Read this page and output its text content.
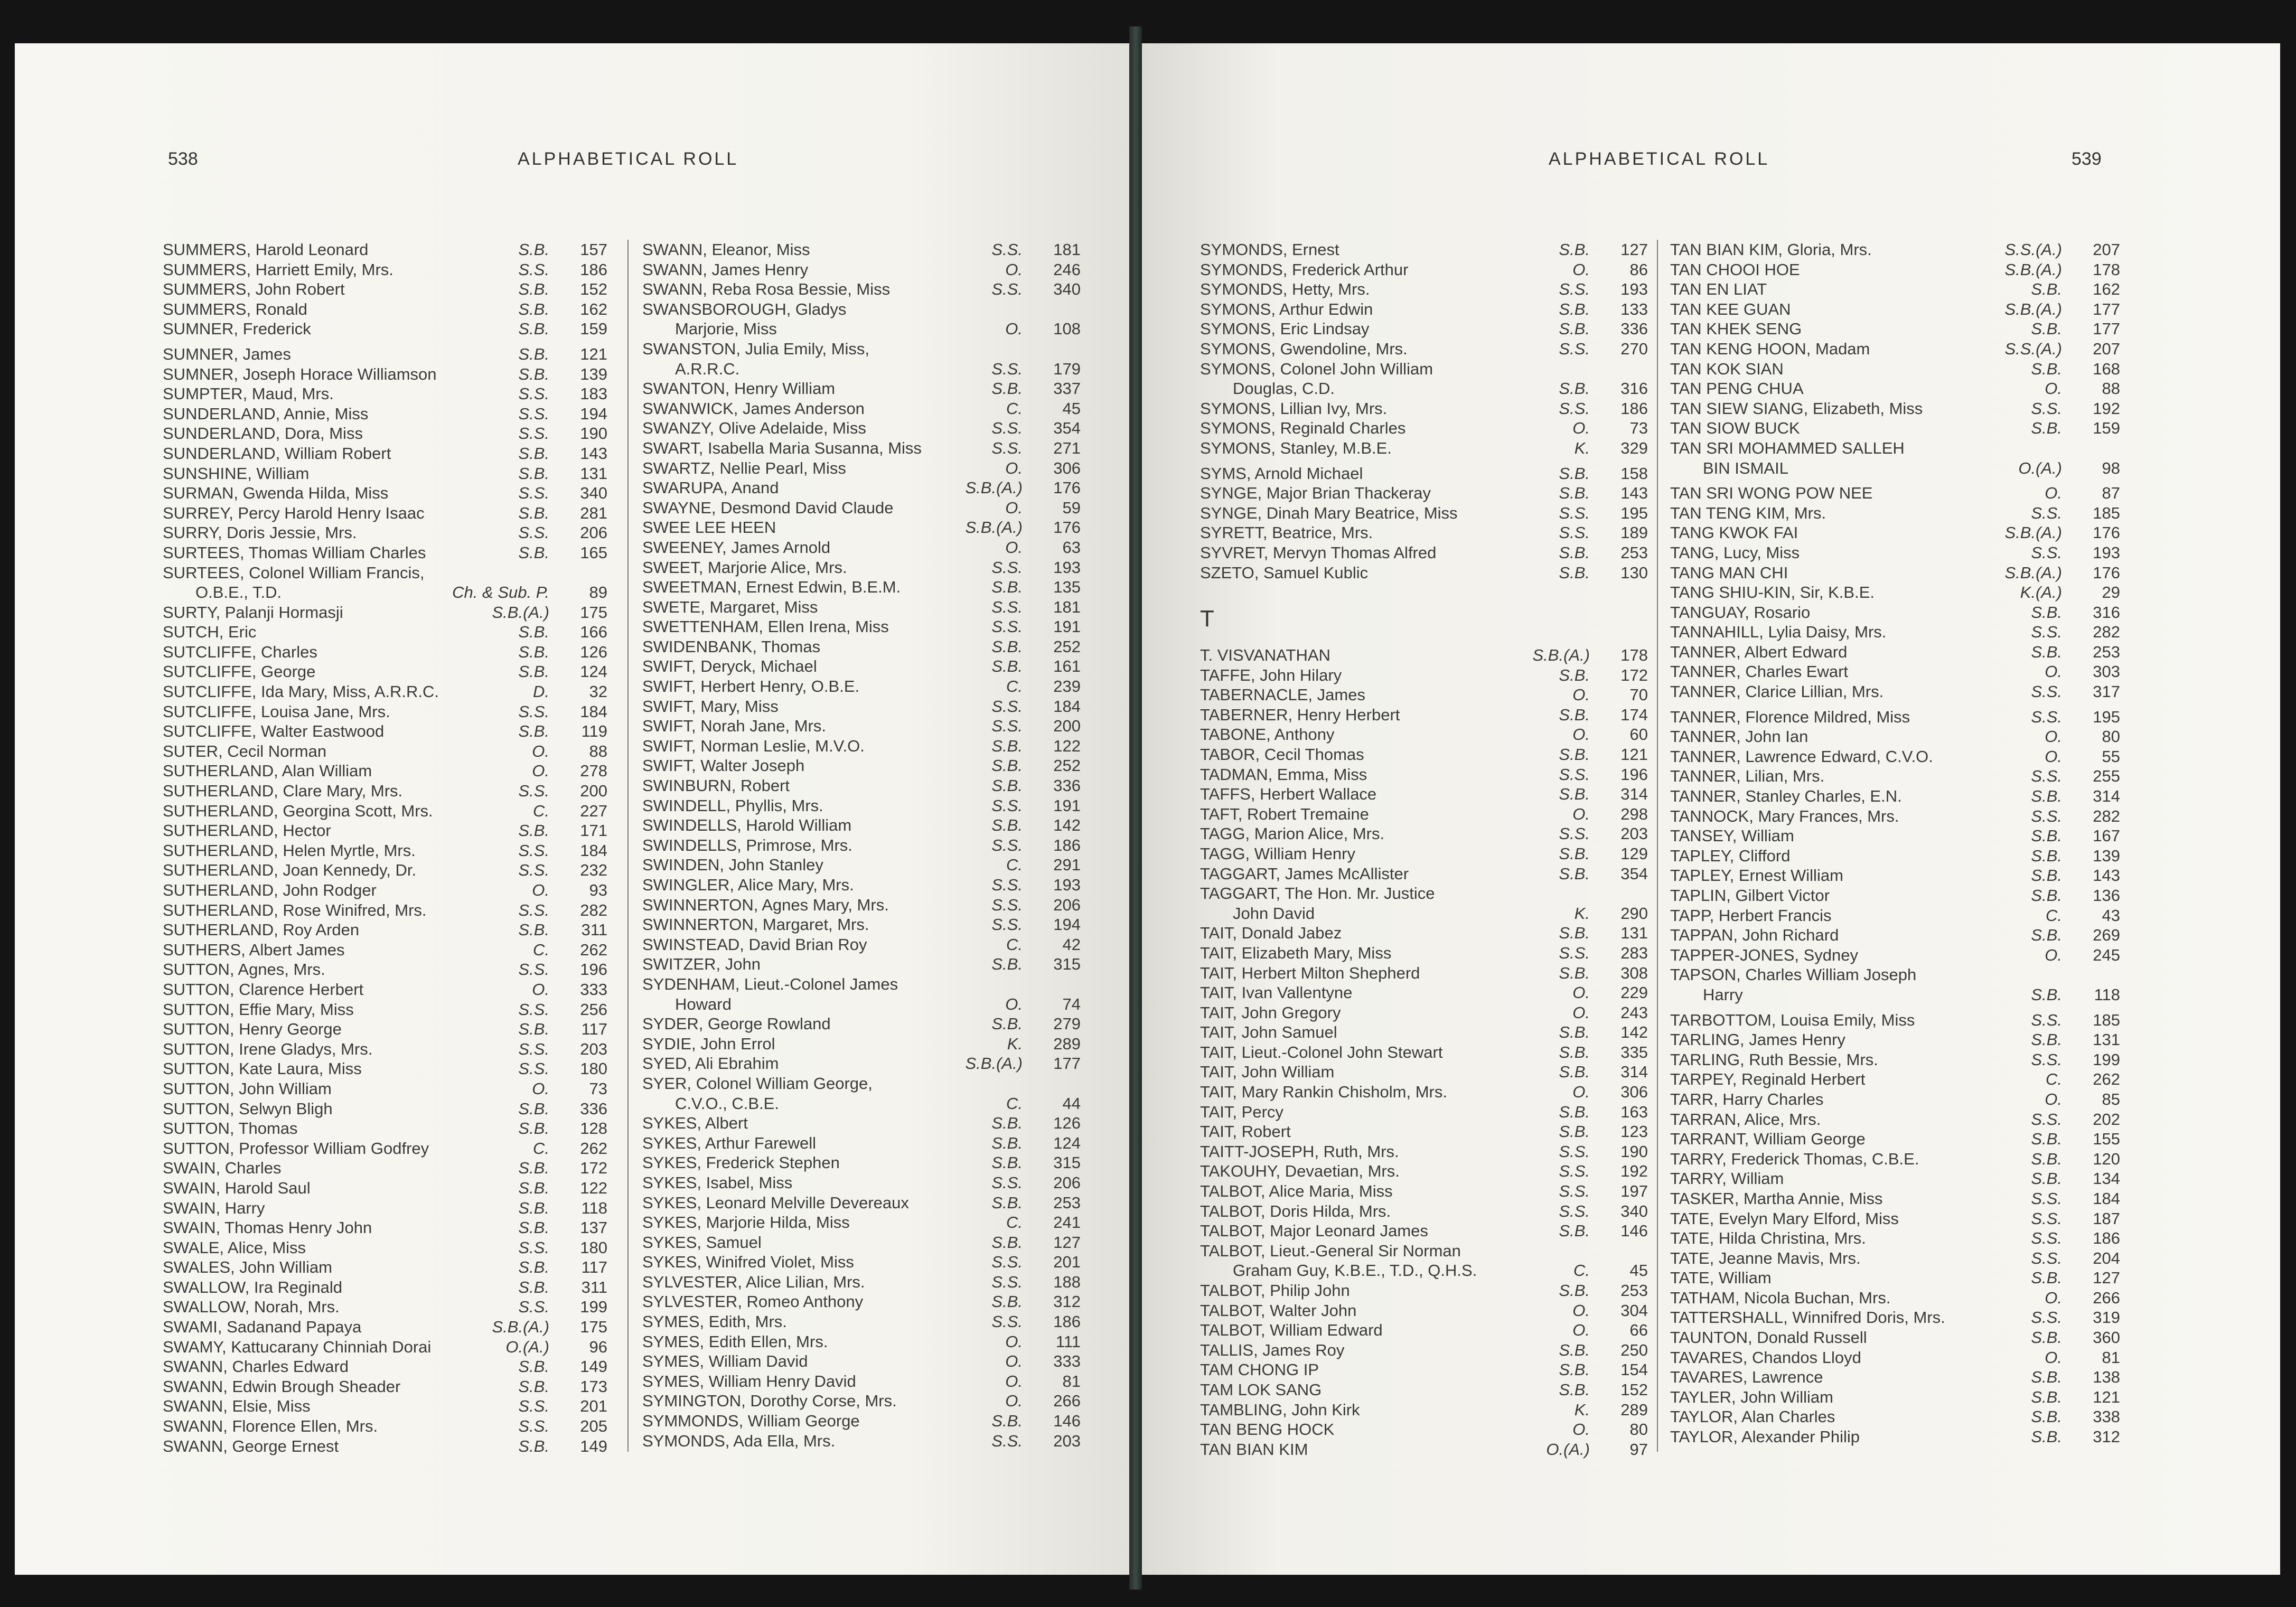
538	ALPHABETICAL ROLL
SUMMERS, Harold Leonard	S.B. 157
SUMMERS, Harriett Emily, Mrs.	S.S. 186
SUMMERS, John Robert	S.B. 152
SUMMERS, Ronald	S.B. 162
SUMNER, Frederick	S.B. 159
SUMNER, James	S.B. 121
SUMNER, Joseph Horace Williamson	S.B. 139
SUMPTER, Maud, Mrs.	S.S. 183
SUNDERLAND, Annie, Miss	S.S. 194
SUNDERLAND, Dora, Miss	S.S. 190
SUNDERLAND, William Robert	S.B. 143
SUNSHINE, William	S.B. 131
SURMAN, Gwenda Hilda, Miss	S.S. 340
SURREY, Percy Harold Henry Isaac	S.B. 281
SURRY, Doris Jessie, Mrs.	S.S. 206
SURTEES, Thomas William Charles	S.B. 165
SURTEES, Colonel William Francis,
O.B.E., T.D.	Ch. & Sub. P. 89
SURTY, Palanji Hormasji	S.B.(A.) 175
SUTCH, Eric	S.B. 166
SUTCLIFFE, Charles	S.B. 126
SUTCLIFFE, George	S.B. 124
SUTCLIFFE, Ida Mary, Miss, A.R.R.C.	D. 32
SUTCLIFFE, Louisa Jane, Mrs.	S.S. 184
SUTCLIFFE, Walter Eastwood	S.B. 119
SUTER, Cecil Norman	O. 88
SUTHERLAND, Alan William	O. 278
SUTHERLAND, Clare Mary, Mrs.	S.S. 200
SUTHERLAND, Georgina Scott, Mrs.	C. 227
SUTHERLAND, Hector	S.B. 171
SUTHERLAND, Helen Myrtle, Mrs.	S.S. 184
SUTHERLAND, Joan Kennedy, Dr.	S.S. 232
SUTHERLAND, John Rodger	O. 93
SUTHERLAND, Rose Winifred, Mrs.	S.S. 282
SUTHERLAND, Roy Arden	S.B. 311
SUTHERS, Albert James	C. 262
SUTTON, Agnes, Mrs.	S.S. 196
SUTTON, Clarence Herbert	O. 333
SUTTON, Effie Mary, Miss	S.S. 256
SUTTON, Henry George	S.B. 117
SUTTON, Irene Gladys, Mrs.	S.S. 203
SUTTON, Kate Laura, Miss	S.S. 180
SUTTON, John William	O. 73
SUTTON, Selwyn Bligh	S.B. 336
SUTTON, Thomas	S.B. 128
SUTTON, Professor William Godfrey	C. 262
SWAIN, Charles	S.B. 172
SWAIN, Harold Saul	S.B. 122
SWAIN, Harry	S.B. 118
SWAIN, Thomas Henry John	S.B. 137
SWALE, Alice, Miss	S.S. 180
SWALES, John William	S.B. 117
SWALLOW, Ira Reginald	S.B. 311
SWALLOW, Norah, Mrs.	S.S. 199
SWAMI, Sadanand Papaya	S.B.(A.) 175
SWAMY, Kattucarany Chinniah Dorai	O.(A.) 96
SWANN, Charles Edward	S.B. 149
SWANN, Edwin Brough Sheader	S.B. 173
SWANN, Elsie, Miss	S.S. 201
SWANN, Florence Ellen, Mrs.	S.S. 205
SWANN, George Ernest	S.B. 149
SWANN, Eleanor, Miss	S.S. 181
SWANN, James Henry	O. 246
SWANN, Reba Rosa Bessie, Miss	S.S. 340
SWANSBOROUGH, Gladys
Marjorie, Miss	O. 108
SWANSTON, Julia Emily, Miss,
A.R.R.C.	S.S. 179
SWANTON, Henry William	S.B. 337
SWANWICK, James Anderson	C. 45
SWANZY, Olive Adelaide, Miss	S.S. 354
SWART, Isabella Maria Susanna, Miss	S.S. 271
SWARTZ, Nellie Pearl, Miss	O. 306
SWARUPA, Anand	S.B.(A.) 176
SWAYNE, Desmond David Claude	O. 59
SWEE LEE HEEN	S.B.(A.) 176
SWEENEY, James Arnold	O. 63
SWEET, Marjorie Alice, Mrs.	S.S. 193
SWEETMAN, Ernest Edwin, B.E.M.	S.B. 135
SWETE, Margaret, Miss	S.S. 181
SWETTENHAM, Ellen Irena, Miss	S.S. 191
SWIDENBANK, Thomas	S.B. 252
SWIFT, Deryck, Michael	S.B. 161
SWIFT, Herbert Henry, O.B.E.	C. 239
SWIFT, Mary, Miss	S.S. 184
SWIFT, Norah Jane, Mrs.	S.S. 200
SWIFT, Norman Leslie, M.V.O.	S.B. 122
SWIFT, Walter Joseph	S.B. 252
SWINBURN, Robert	S.B. 336
SWINDELL, Phyllis, Mrs.	S.S. 191
SWINDELLS, Harold William	S.B. 142
SWINDELLS, Primrose, Mrs.	S.S. 186
SWINDEN, John Stanley	C. 291
SWINGLER, Alice Mary, Mrs.	S.S. 193
SWINNERTON, Agnes Mary, Mrs.	S.S. 206
SWINNERTON, Margaret, Mrs.	S.S. 194
SWINSTEAD, David Brian Roy	C. 42
SWITZER, John	S.B. 315
SYDENHAM, Lieut.-Colonel James
Howard	O. 74
SYDER, George Rowland	S.B. 279
SYDIE, John Errol	K. 289
SYED, Ali Ebrahim	S.B.(A.) 177
SYER, Colonel William George,
C.V.O., C.B.E.	C. 44
SYKES, Albert	S.B. 126
SYKES, Arthur Farewell	S.B. 124
SYKES, Frederick Stephen	S.B. 315
SYKES, Isabel, Miss	S.S. 206
SYKES, Leonard Melville Devereaux	S.B. 253
SYKES, Marjorie Hilda, Miss	C. 241
SYKES, Samuel	S.B. 127
SYKES, Winifred Violet, Miss	S.S. 201
SYLVESTER, Alice Lilian, Mrs.	S.S. 188
SYLVESTER, Romeo Anthony	S.B. 312
SYMES, Edith, Mrs.	S.S. 186
SYMES, Edith Ellen, Mrs.	O. 111
SYMES, William David	O. 333
SYMES, William Henry David	O. 81
SYMINGTON, Dorothy Corse, Mrs.	O. 266
SYMMONDS, William George	S.B. 146
SYMONDS, Ada Ella, Mrs.	S.S. 203
ALPHABETICAL ROLL	539
SYMONDS, Ernest	S.B. 127
SYMONDS, Frederick Arthur	O. 86
SYMONDS, Hetty, Mrs.	S.S. 193
SYMONS, Arthur Edwin	S.B. 133
SYMONS, Eric Lindsay	S.B. 336
SYMONS, Gwendoline, Mrs.	S.S. 270
SYMONS, Colonel John William
Douglas, C.D.	S.B. 316
SYMONS, Lillian Ivy, Mrs.	S.S. 186
SYMONS, Reginald Charles	O. 73
SYMONS, Stanley, M.B.E.	K. 329
SYMS, Arnold Michael	S.B. 158
SYNGE, Major Brian Thackeray	S.B. 143
SYNGE, Dinah Mary Beatrice, Miss	S.S. 195
SYRETT, Beatrice, Mrs.	S.S. 189
SYVRET, Mervyn Thomas Alfred	S.B. 253
SZETO, Samuel Kublic	S.B. 130
T
T. VISVANATHAN	S.B.(A.) 178
TAFFE, John Hilary	S.B. 172
TABERNACLE, James	O. 70
TABERNER, Henry Herbert	S.B. 174
TABONE, Anthony	O. 60
TABOR, Cecil Thomas	S.B. 121
TADMAN, Emma, Miss	S.S. 196
TAFFS, Herbert Wallace	S.B. 314
TAFT, Robert Tremaine	O. 298
TAGG, Marion Alice, Mrs.	S.S. 203
TAGG, William Henry	S.B. 129
TAGGART, James McAllister	S.B. 354
TAGGART, The Hon. Mr. Justice
John David	K. 290
TAIT, Donald Jabez	S.B. 131
TAIT, Elizabeth Mary, Miss	S.S. 283
TAIT, Herbert Milton Shepherd	S.B. 308
TAIT, Ivan Vallentyne	O. 229
TAIT, John Gregory	O. 243
TAIT, John Samuel	S.B. 142
TAIT, Lieut.-Colonel John Stewart	S.B. 335
TAIT, John William	S.B. 314
TAIT, Mary Rankin Chisholm, Mrs.	O. 306
TAIT, Percy	S.B. 163
TAIT, Robert	S.B. 123
TAITT-JOSEPH, Ruth, Mrs.	S.S. 190
TAKOUHY, Devaetian, Mrs.	S.S. 192
TALBOT, Alice Maria, Miss	S.S. 197
TALBOT, Doris Hilda, Mrs.	S.S. 340
TALBOT, Major Leonard James	S.B. 146
TALBOT, Lieut.-General Sir Norman
Graham Guy, K.B.E., T.D., Q.H.S.	C. 45
TALBOT, Philip John	S.B. 253
TALBOT, Walter John	O. 304
TALBOT, William Edward	O. 66
TALLIS, James Roy	S.B. 250
TAM CHONG IP	S.B. 154
TAM LOK SANG	S.B. 152
TAMBLING, John Kirk	K. 289
TAN BENG HOCK	O. 80
TAN BIAN KIM	O.(A.) 97
TAN BIAN KIM, Gloria, Mrs.	S.S.(A.) 207
TAN CHOOI HOE	S.B.(A.) 178
TAN EN LIAT	S.B. 162
TAN KEE GUAN	S.B.(A.) 177
TAN KHEK SENG	S.B. 177
TAN KENG HOON, Madam	S.S.(A.) 207
TAN KOK SIAN	S.B. 168
TAN PENG CHUA	O. 88
TAN SIEW SIANG, Elizabeth, Miss	S.S. 192
TAN SIOW BUCK	S.B. 159
TAN SRI MOHAMMED SALLEH
BIN ISMAIL	O.(A.) 98
TAN SRI WONG POW NEE	O. 87
TAN TENG KIM, Mrs.	S.S. 185
TANG KWOK FAI	S.B.(A.) 176
TANG, Lucy, Miss	S.S. 193
TANG MAN CHI	S.B.(A.) 176
TANG SHIU-KIN, Sir, K.B.E.	K.(A.) 29
TANGUAY, Rosario	S.B. 316
TANNAHILL, Lylia Daisy, Mrs.	S.S. 282
TANNER, Albert Edward	S.B. 253
TANNER, Charles Ewart	O. 303
TANNER, Clarice Lillian, Mrs.	S.S. 317
TANNER, Florence Mildred, Miss	S.S. 195
TANNER, John Ian	O. 80
TANNER, Lawrence Edward, C.V.O.	O. 55
TANNER, Lilian, Mrs.	S.S. 255
TANNER, Stanley Charles, E.N.	S.B. 314
TANNOCK, Mary Frances, Mrs.	S.S. 282
TANSEY, William	S.B. 167
TAPLEY, Clifford	S.B. 139
TAPLEY, Ernest William	S.B. 143
TAPLIN, Gilbert Victor	S.B. 136
TAPP, Herbert Francis	C. 43
TAPPAN, John Richard	S.B. 269
TAPPER-JONES, Sydney	O. 245
TAPSON, Charles William Joseph
Harry	S.B. 118
TARBOTTOM, Louisa Emily, Miss	S.S. 185
TARLING, James Henry	S.B. 131
TARLING, Ruth Bessie, Mrs.	S.S. 199
TARPEY, Reginald Herbert	C. 262
TARR, Harry Charles	O. 85
TARRAN, Alice, Mrs.	S.S. 202
TARRANT, William George	S.B. 155
TARRY, Frederick Thomas, C.B.E.	S.B. 120
TARRY, William	S.B. 134
TASKER, Martha Annie, Miss	S.S. 184
TATE, Evelyn Mary Elford, Miss	S.S. 187
TATE, Hilda Christina, Mrs.	S.S. 186
TATE, Jeanne Mavis, Mrs.	S.S. 204
TATE, William	S.B. 127
TATHAM, Nicola Buchan, Mrs.	O. 266
TATTERSHALL, Winnifred Doris, Mrs.	S.S. 319
TAUNTON, Donald Russell	S.B. 360
TAVARES, Chandos Lloyd	O. 81
TAVARES, Lawrence	S.B. 138
TAYLER, John William	S.B. 121
TAYLOR, Alan Charles	S.B. 338
TAYLOR, Alexander Philip	S.B. 312
